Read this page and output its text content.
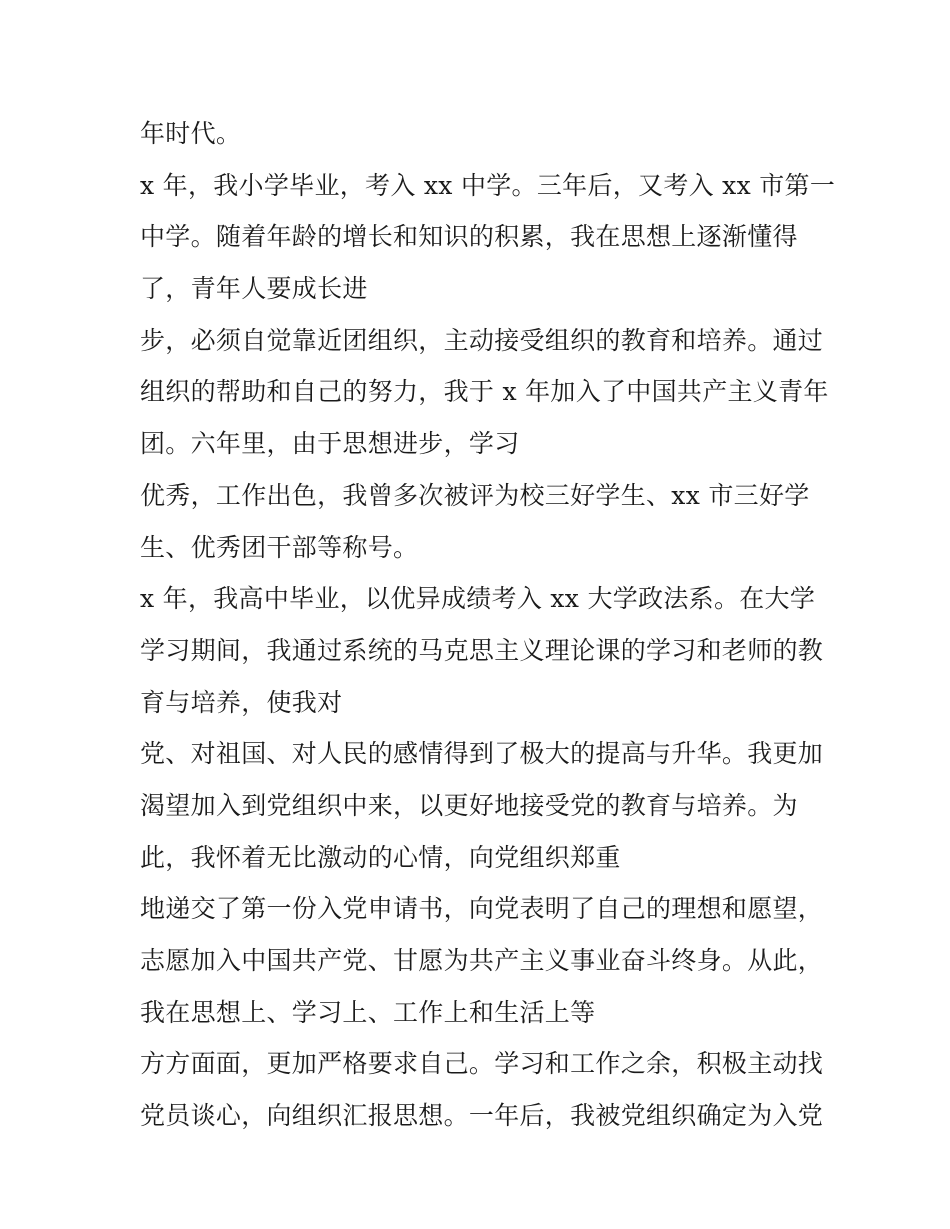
年时代。
x 年，我小学毕业，考入 xx 中学。三年后，又考入 xx 市第一
中学。随着年龄的增长和知识的积累，我在思想上逐渐懂得
了，青年人要成长进
步，必须自觉靠近团组织，主动接受组织的教育和培养。通过
组织的帮助和自己的努力，我于 x 年加入了中国共产主义青年
团。六年里，由于思想进步，学习
优秀，工作出色，我曾多次被评为校三好学生、xx 市三好学
生、优秀团干部等称号。
x 年，我高中毕业，以优异成绩考入 xx 大学政法系。在大学
学习期间，我通过系统的马克思主义理论课的学习和老师的教
育与培养，使我对
党、对祖国、对人民的感情得到了极大的提高与升华。我更加
渴望加入到党组织中来，以更好地接受党的教育与培养。为
此，我怀着无比激动的心情，向党组织郑重
地递交了第一份入党申请书，向党表明了自己的理想和愿望，
志愿加入中国共产党、甘愿为共产主义事业奋斗终身。从此，
我在思想上、学习上、工作上和生活上等
方方面面，更加严格要求自己。学习和工作之余，积极主动找
党员谈心，向组织汇报思想。一年后，我被党组织确定为入党
